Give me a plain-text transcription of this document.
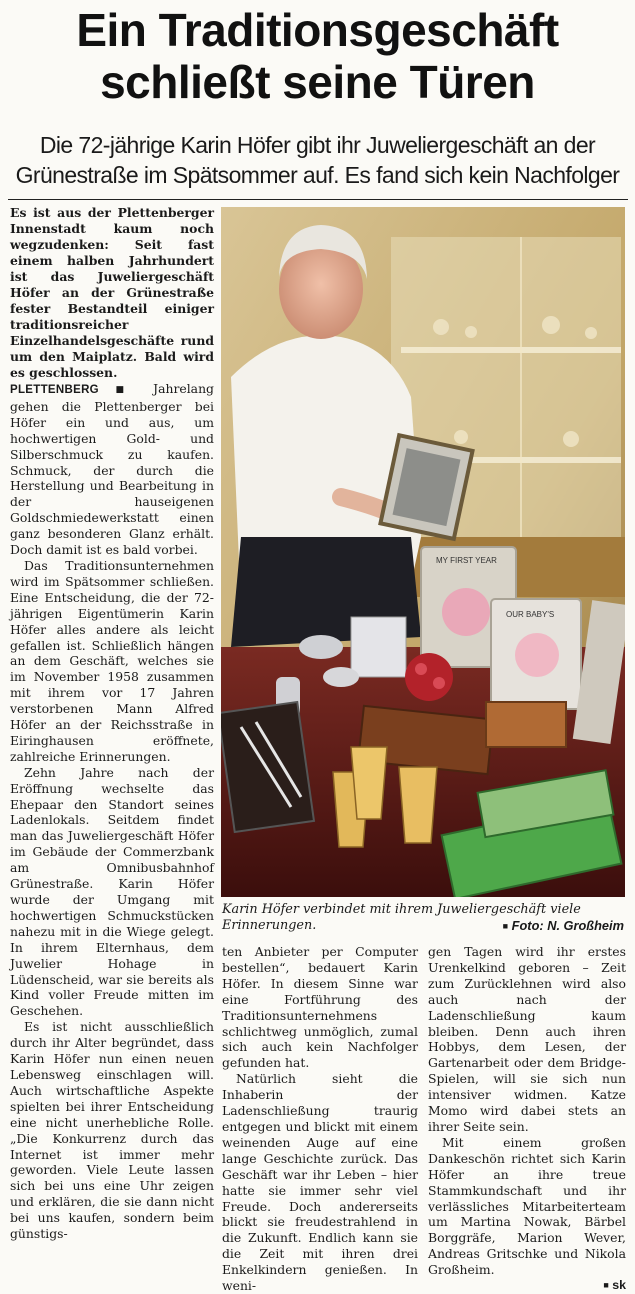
Ein Traditionsgeschäft
schließt seine Türen
Die 72-jährige Karin Höfer gibt ihr Juweliergeschäft an der
Grünestraße im Spätsommer auf. Es fand sich kein Nachfolger

Es ist aus der Plettenberger Innenstadt kaum noch wegzudenken: Seit fast einem halben Jahrhundert ist das Juweliergeschäft Höfer an der Grünestraße fester Bestandteil einiger traditionsreicher Einzelhandelsgeschäfte rund um den Maiplatz. Bald wird es geschlossen.

PLETTENBERG ■ Jahrelang gehen die Plettenberger bei Höfer ein und aus, um hochwertigen Gold- und Silberschmuck zu kaufen. Schmuck, der durch die Herstellung und Bearbeitung in der hauseigenen Goldschmiedewerkstatt einen ganz besonderen Glanz erhält. Doch damit ist es bald vorbei.

Das Traditionsunternehmen wird im Spätsommer schließen. Eine Entscheidung, die der 72-jährigen Eigentümerin Karin Höfer alles andere als leicht gefallen ist. Schließlich hängen an dem Geschäft, welches sie im November 1958 zusammen mit ihrem vor 17 Jahren verstorbenen Mann Alfred Höfer an der Reichsstraße in Eiringhausen eröffnete, zahlreiche Erinnerungen.

Zehn Jahre nach der Eröffnung wechselte das Ehepaar den Standort seines Ladenlokals. Seitdem findet man das Juweliergeschäft Höfer im Gebäude der Commerzbank am Omnibusbahnhof Grünestraße. Karin Höfer wurde der Umgang mit hochwertigen Schmuckstücken nahezu mit in die Wiege gelegt. In ihrem Elternhaus, dem Juwelier Hohage in Lüdenscheid, war sie bereits als Kind voller Freude mitten im Geschehen.

Es ist nicht ausschließlich durch ihr Alter begründet, dass Karin Höfer nun einen neuen Lebensweg einschlagen will. Auch wirtschaftliche Aspekte spielten bei ihrer Entscheidung eine nicht unerhebliche Rolle. „Die Konkurrenz durch das Internet ist immer mehr geworden. Viele Leute lassen sich bei uns eine Uhr zeigen und erklären, die sie dann nicht bei uns kaufen, sondern beim günstigs-

MY FIRST YEAR
OUR BABY'S
Karin Höfer verbindet mit ihrem Juweliergeschäft viele Erinnerungen.	■ Foto: N. Großheim

ten Anbieter per Computer bestellen“, bedauert Karin Höfer. In diesem Sinne war eine Fortführung des Traditionsunternehmens schlichtweg unmöglich, zumal sich auch kein Nachfolger gefunden hat.

Natürlich sieht die Inhaberin der Ladenschließung traurig entgegen und blickt mit einem weinenden Auge auf eine lange Geschichte zurück. Das Geschäft war ihr Leben – hier hatte sie immer sehr viel Freude. Doch andererseits blickt sie freudestrahlend in die Zukunft. Endlich kann sie die Zeit mit ihren drei Enkelkindern genießen. In weni-

gen Tagen wird ihr erstes Urenkelkind geboren – Zeit zum Zurücklehnen wird also auch nach der Ladenschließung kaum bleiben. Denn auch ihren Hobbys, dem Lesen, der Gartenarbeit oder dem Bridge-Spielen, will sie sich nun intensiver widmen. Katze Momo wird dabei stets an ihrer Seite sein.

Mit einem großen Dankeschön richtet sich Karin Höfer an ihre treue Stammkundschaft und ihr verlässliches Mitarbeiterteam um Martina Nowak, Bärbel Borggräfe, Marion Wever, Andreas Gritschke und Nikola Großheim.

■ sk
